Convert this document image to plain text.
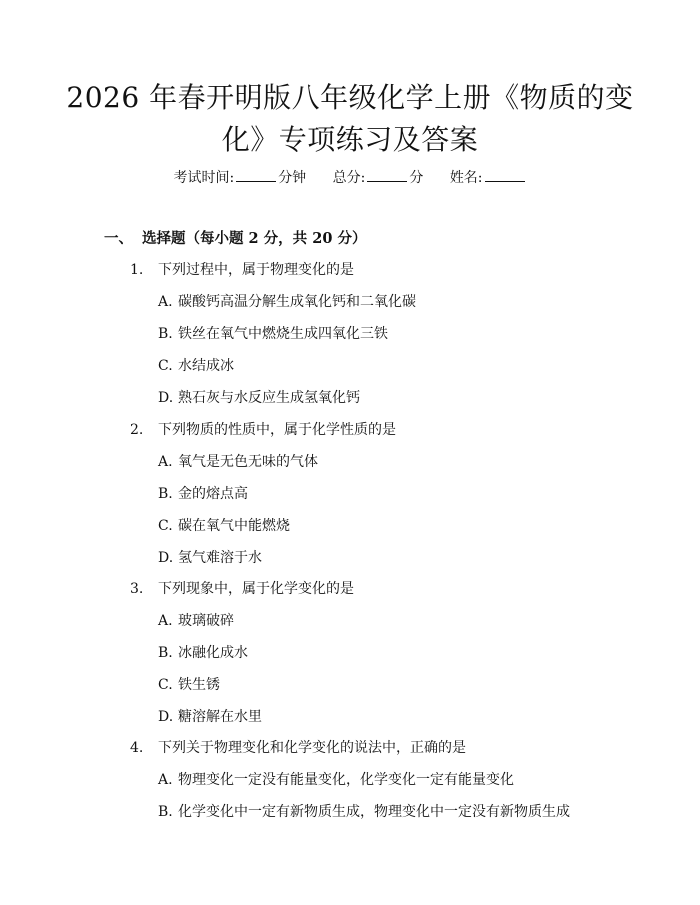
2026 年春开明版八年级化学上册《物质的变
化》专项练习及答案
考试时间:	分钟 总分:	分 姓名:
一、 选择题（每小题 2 分，共 20 分）
1. 下列过程中，属于物理变化的是
A. 碳酸钙高温分解生成氧化钙和二氧化碳
B. 铁丝在氧气中燃烧生成四氧化三铁
C. 水结成冰
D. 熟石灰与水反应生成氢氧化钙
2. 下列物质的性质中，属于化学性质的是
A. 氧气是无色无味的气体
B. 金的熔点高
C. 碳在氧气中能燃烧
D. 氢气难溶于水
3. 下列现象中，属于化学变化的是
A. 玻璃破碎
B. 冰融化成水
C. 铁生锈
D. 糖溶解在水里
4. 下列关于物理变化和化学变化的说法中，正确的是
A. 物理变化一定没有能量变化，化学变化一定有能量变化
B. 化学变化中一定有新物质生成，物理变化中一定没有新物质生成
